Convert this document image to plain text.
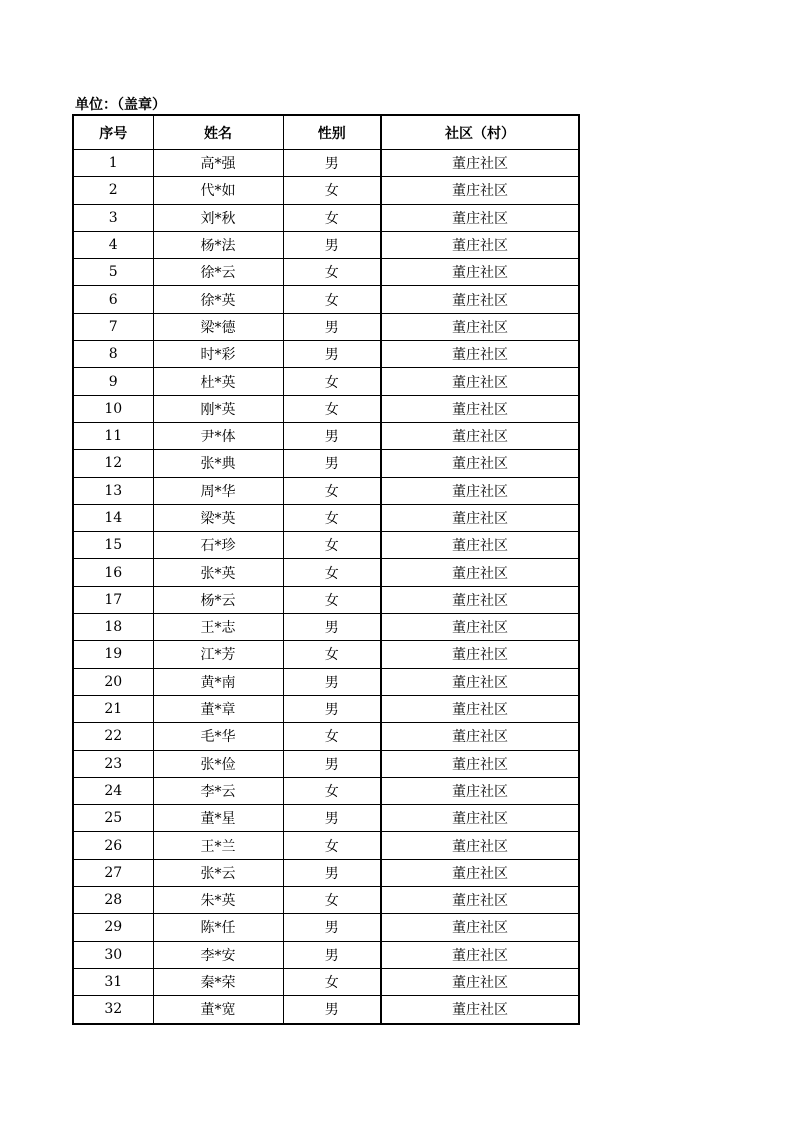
单位：（盖章）
序号	姓名	性别	社区（村）
1	高*强	男	董庄社区
2	代*如	女	董庄社区
3	刘*秋	女	董庄社区
4	杨*法	男	董庄社区
5	徐*云	女	董庄社区
6	徐*英	女	董庄社区
7	梁*德	男	董庄社区
8	时*彩	男	董庄社区
9	杜*英	女	董庄社区
10	刚*英	女	董庄社区
11	尹*体	男	董庄社区
12	张*典	男	董庄社区
13	周*华	女	董庄社区
14	梁*英	女	董庄社区
15	石*珍	女	董庄社区
16	张*英	女	董庄社区
17	杨*云	女	董庄社区
18	王*志	男	董庄社区
19	江*芳	女	董庄社区
20	黄*南	男	董庄社区
21	董*章	男	董庄社区
22	毛*华	女	董庄社区
23	张*俭	男	董庄社区
24	李*云	女	董庄社区
25	董*星	男	董庄社区
26	王*兰	女	董庄社区
27	张*云	男	董庄社区
28	朱*英	女	董庄社区
29	陈*任	男	董庄社区
30	李*安	男	董庄社区
31	秦*荣	女	董庄社区
32	董*宽	男	董庄社区
